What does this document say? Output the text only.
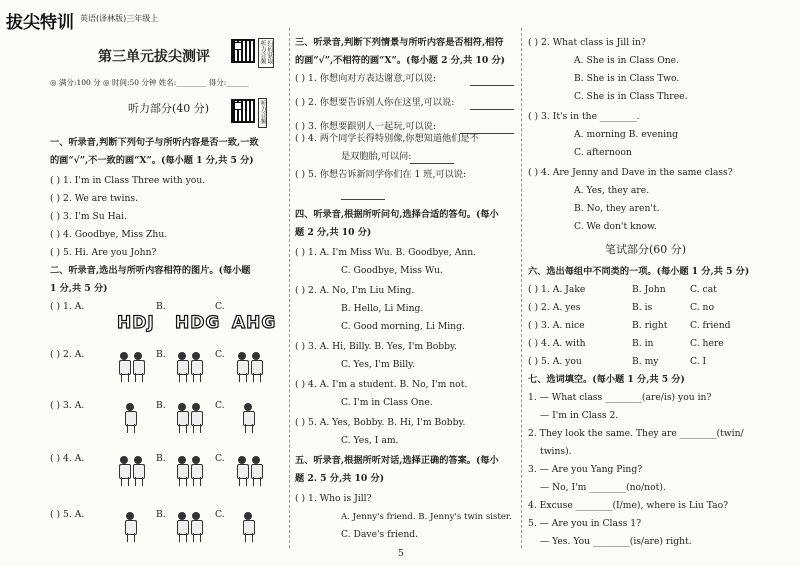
拔尖特训 英语(译林版)三年级上
第三单元拔尖测评	扫码获取听力音频
◎ 满分:100 分 ◎ 时间:50 分钟 姓名:________ 得分:______
听力部分(40 分)	听力音频
一、听录音,判断下列句子与所听内容是否一致,一致
的画“√”,不一致的画“X”。(每小题 1 分,共 5 分)
( ) 1. I'm in Class Three with you.
( ) 2. We are twins.
( ) 3. I'm Su Hai.
( ) 4. Goodbye, Miss Zhu.
( ) 5. Hi. Are you John?
二、听录音,选出与所听内容相符的图片。(每小题
1 分,共 5 分)
( ) 1. A.	B.	C.
HDJ HDG AHG
( ) 2. A.	B.	C.
( ) 3. A.	B.	C.
( ) 4. A.	B.	C.
( ) 5. A.	B.	C.
三、听录音,判断下列情景与所听内容是否相符,相符
的画“√”,不相符的画“X”。(每小题 2 分,共 10 分)
( ) 1. 你想向对方表达谢意,可以说:
( ) 2. 你想要告诉别人你在这里,可以说:
( ) 3. 你想要跟别人一起玩,可以说:
( ) 4. 两个同学长得特别像,你想知道他们是不
是双胞胎,可以问:
( ) 5. 你想告诉新同学你们在 1 班,可以说:
四、听录音,根据所听问句,选择合适的答句。(每小
题 2 分,共 10 分)
( ) 1. A. I'm Miss Wu. B. Goodbye, Ann.
C. Goodbye, Miss Wu.
( ) 2. A. No, I'm Liu Ming.
B. Hello, Li Ming.
C. Good morning, Li Ming.
( ) 3. A. Hi, Billy. B. Yes, I'm Bobby.
C. Yes, I'm Billy.
( ) 4. A. I'm a student. B. No, I'm not.
C. I'm in Class One.
( ) 5. A. Yes, Bobby. B. Hi, I'm Bobby.
C. Yes, I am.
五、听录音,根据所听对话,选择正确的答案。(每小
题 2. 5 分,共 10 分)
( ) 1. Who is Jill?
A. Jenny's friend. B. Jenny's twin sister.
C. Dave's friend.
5
( ) 2. What class is Jill in?
A. She is in Class One.
B. She is in Class Two.
C. She is in Class Three.
( ) 3. It's in the ________.
A. morning B. evening
C. afternoon
( ) 4. Are Jenny and Dave in the same class?
A. Yes, they are.
B. No, they aren't.
C. We don't know.
笔试部分(60 分)
六、选出每组中不同类的一项。(每小题 1 分,共 5 分)
( ) 1. A. Jake	B. John	C. cat
( ) 2. A. yes	B. is	C. no
( ) 3. A. nice	B. right C. friend
( ) 4. A. with	B. in	C. here
( ) 5. A. you	B. my	C. I
七、选词填空。(每小题 1 分,共 5 分)
1. — What class ________(are/is) you in?
— I'm in Class 2.
2. They look the same. They are ________(twin/
twins).
3. — Are you Yang Ping?
— No, I'm ________(no/not).
4. Excuse ________(I/me), where is Liu Tao?
5. — Are you in Class 1?
— Yes. You ________(is/are) right.
